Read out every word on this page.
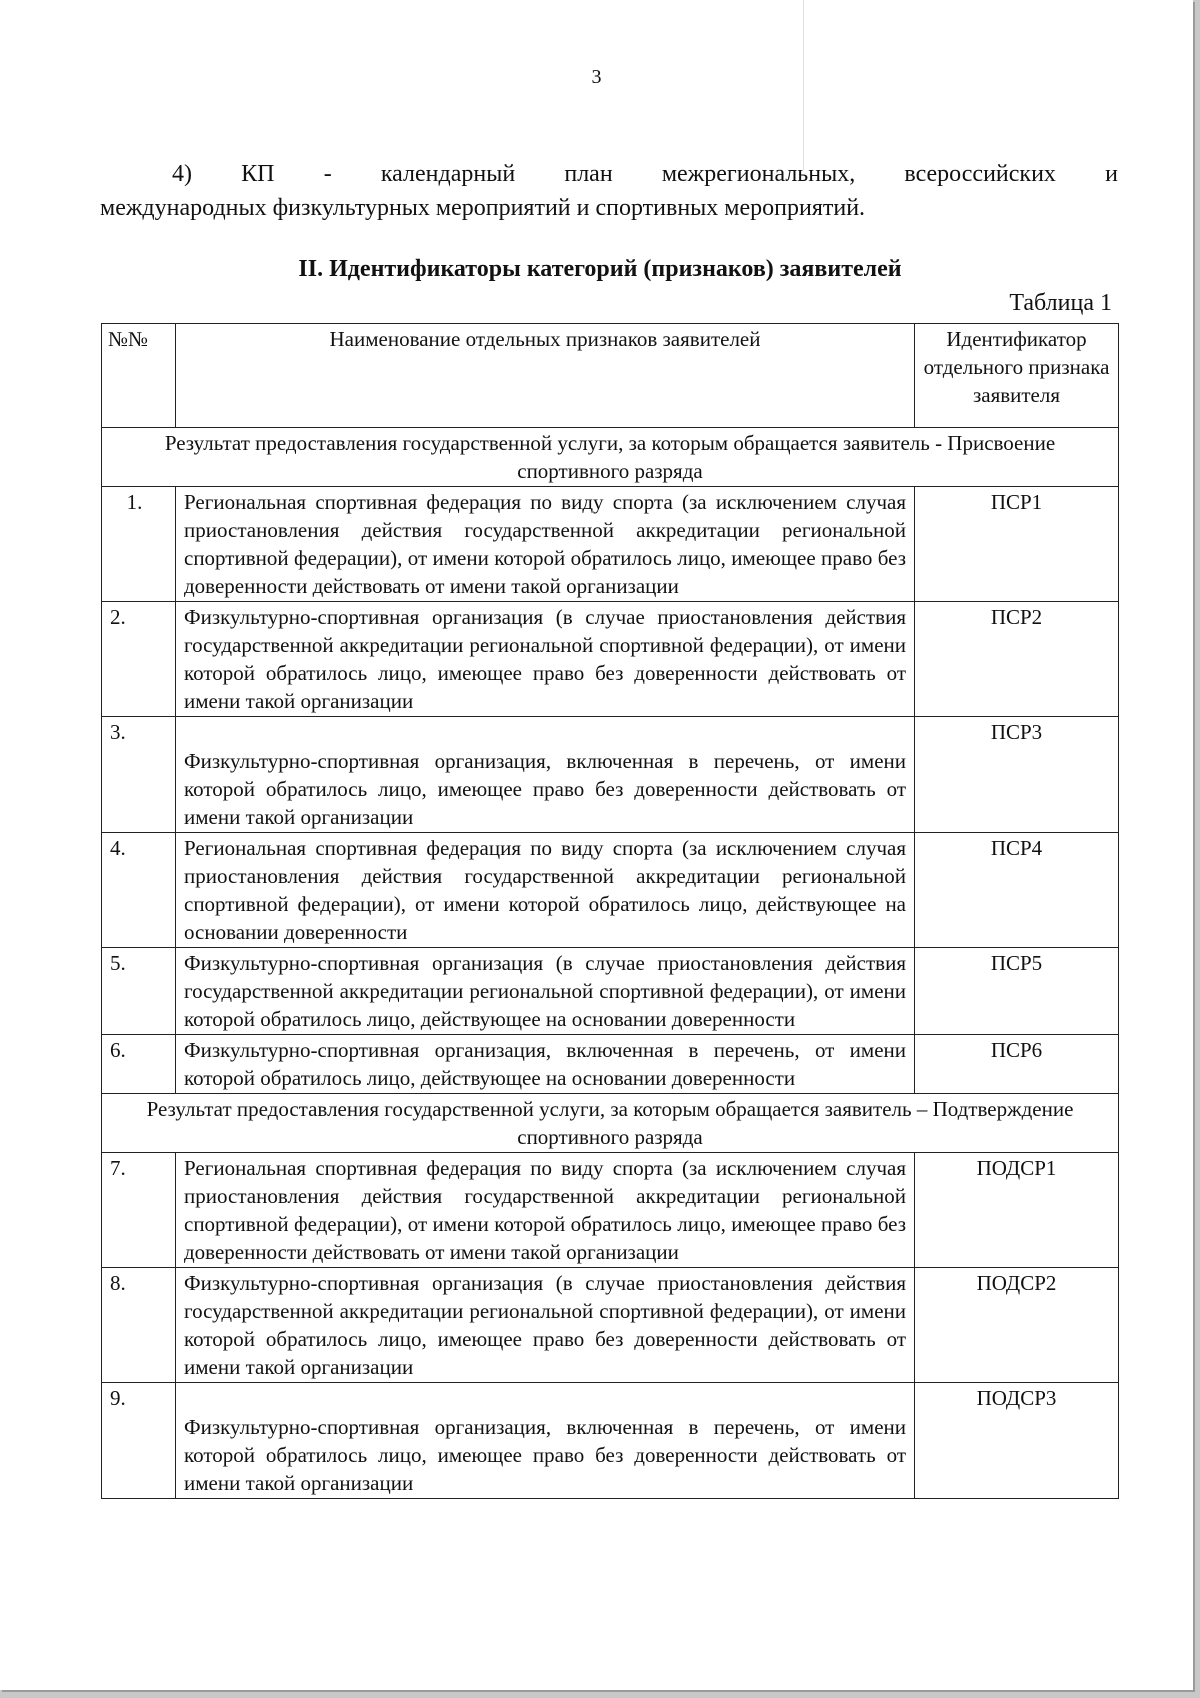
3
4) КП - календарный план межрегиональных, всероссийских и
международных физкультурных мероприятий и спортивных мероприятий.
II. Идентификаторы категорий (признаков) заявителей
Таблица 1
№№	Наименование отдельных признаков заявителей	Идентификатор отдельного признака заявителя
Результат предоставления государственной услуги, за которым обращается заявитель - Присвоение спортивного разряда		
1.	Региональная спортивная федерация по виду спорта (за исключением случая приостановления действия государственной аккредитации региональной спортивной федерации), от имени которой обратилось лицо, имеющее право без доверенности действовать от имени такой организации	ПСР1
2.	Физкультурно-спортивная организация (в случае приостановления действия государственной аккредитации региональной спортивной федерации), от имени которой обратилось лицо, имеющее право без доверенности действовать от имени такой организации	ПСР2
3.	Физкультурно-спортивная организация, включенная в перечень, от имени которой обратилось лицо, имеющее право без доверенности действовать от имени такой организации	ПСР3
4.	Региональная спортивная федерация по виду спорта (за исключением случая приостановления действия государственной аккредитации региональной спортивной федерации), от имени которой обратилось лицо, действующее на основании доверенности	ПСР4
5.	Физкультурно-спортивная организация (в случае приостановления действия государственной аккредитации региональной спортивной федерации), от имени которой обратилось лицо, действующее на основании доверенности	ПСР5
6.	Физкультурно-спортивная организация, включенная в перечень, от имени которой обратилось лицо, действующее на основании доверенности	ПСР6
Результат предоставления государственной услуги, за которым обращается заявитель – Подтверждение спортивного разряда		
7.	Региональная спортивная федерация по виду спорта (за исключением случая приостановления действия государственной аккредитации региональной спортивной федерации), от имени которой обратилось лицо, имеющее право без доверенности действовать от имени такой организации	ПОДСР1
8.	Физкультурно-спортивная организация (в случае приостановления действия государственной аккредитации региональной спортивной федерации), от имени которой обратилось лицо, имеющее право без доверенности действовать от имени такой организации	ПОДСР2
9.	Физкультурно-спортивная организация, включенная в перечень, от имени которой обратилось лицо, имеющее право без доверенности действовать от имени такой организации	ПОДСР3
